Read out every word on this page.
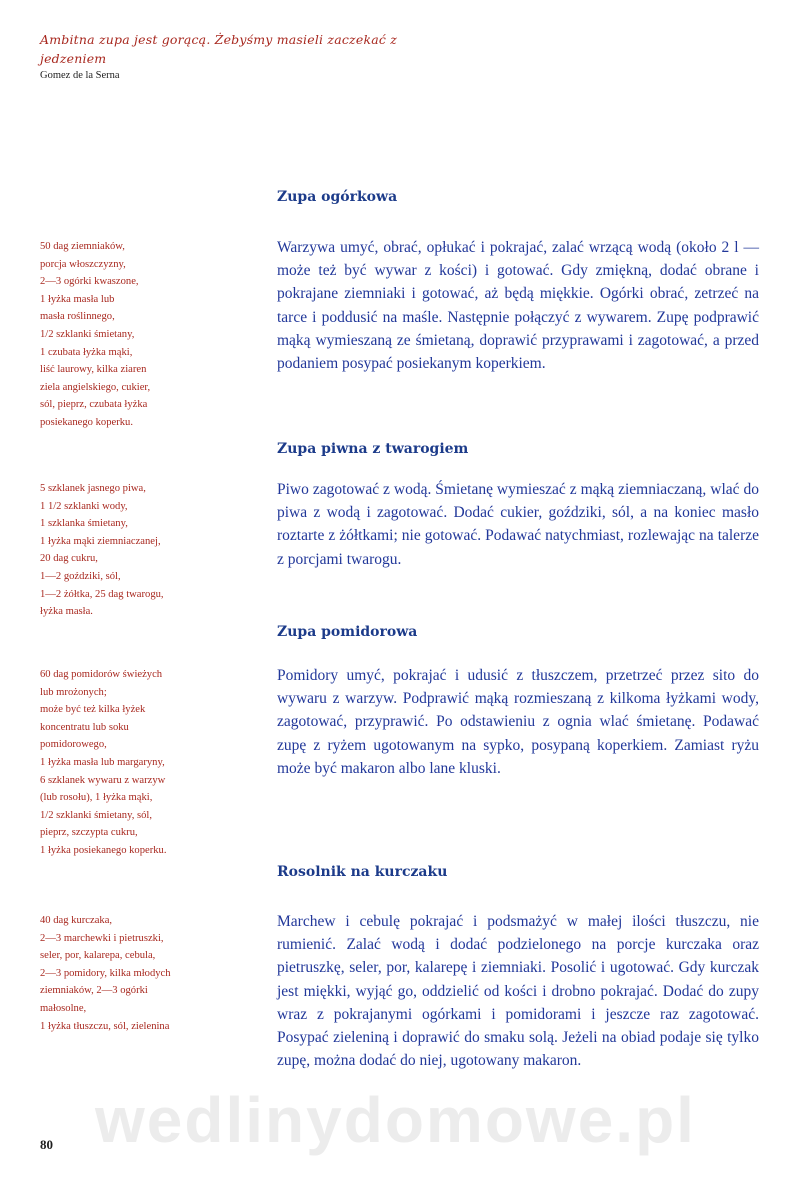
wedlinydomowe.pl
Ambitna zupa jest gorącą. Żebyśmy masieli zaczekać z jedzeniem
Gomez de la Serna
Zupa ogórkowa
50 dag ziemniaków,
porcja włoszczyzny,
2—3 ogórki kwaszone,
1 łyżka masła lub
masła roślinnego,
1/2 szklanki śmietany,
1 czubata łyżka mąki,
liść laurowy, kilka ziaren
ziela angielskiego, cukier,
sól, pieprz, czubata łyżka
posiekanego koperku.
Warzywa umyć, obrać, opłukać i pokrajać, zalać wrzącą wodą (około 2 l — może też być wywar z kości) i gotować. Gdy zmiękną, dodać obrane i pokrajane ziemniaki i gotować, aż będą miękkie. Ogórki obrać, zetrzeć na tarce i poddusić na maśle. Następnie połączyć z wywarem. Zupę podprawić mąką wymieszaną ze śmietaną, doprawić przyprawami i zagotować, a przed podaniem posypać posiekanym koperkiem.
Zupa piwna z twarogiem
5 szklanek jasnego piwa,
1 1/2 szklanki wody,
1 szklanka śmietany,
1 łyżka mąki ziemniaczanej,
20 dag cukru,
1—2 goździki, sól,
1—2 żółtka, 25 dag twarogu,
łyżka masła.
Piwo zagotować z wodą. Śmietanę wymieszać z mąką ziemniaczaną, wlać do piwa z wodą i zagotować. Dodać cukier, goździki, sól, a na koniec masło roztarte z żółtkami; nie gotować. Podawać natychmiast, rozlewając na talerze z porcjami twarogu.
Zupa pomidorowa
60 dag pomidorów świeżych
lub mrożonych;
może być też kilka łyżek
koncentratu lub soku
pomidorowego,
1 łyżka masła lub margaryny,
6 szklanek wywaru z warzyw
(lub rosołu), 1 łyżka mąki,
1/2 szklanki śmietany, sól,
pieprz, szczypta cukru,
1 łyżka posiekanego koperku.
Pomidory umyć, pokrajać i udusić z tłuszczem, przetrzeć przez sito do wywaru z warzyw. Podprawić mąką rozmieszaną z kilkoma łyżkami wody, zagotować, przyprawić. Po odstawieniu z ognia wlać śmietanę. Podawać zupę z ryżem ugotowanym na sypko, posypaną koperkiem. Zamiast ryżu może być makaron albo lane kluski.
Rosolnik na kurczaku
40 dag kurczaka,
2—3 marchewki i pietruszki,
seler, por, kalarepa, cebula,
2—3 pomidory, kilka młodych
ziemniaków, 2—3 ogórki
małosolne,
1 łyżka tłuszczu, sól, zielenina
Marchew i cebulę pokrajać i podsmażyć w małej ilości tłuszczu, nie rumienić. Zalać wodą i dodać podzielonego na porcje kurczaka oraz pietruszkę, seler, por, kalarepę i ziemniaki. Posolić i ugotować. Gdy kurczak jest miękki, wyjąć go, oddzielić od kości i drobno pokrajać. Dodać do zupy wraz z pokrajanymi ogórkami i pomidorami i jeszcze raz zagotować. Posypać zieleniną i doprawić do smaku solą. Jeżeli na obiad podaje się tylko zupę, można dodać do niej, ugotowany makaron.
80
